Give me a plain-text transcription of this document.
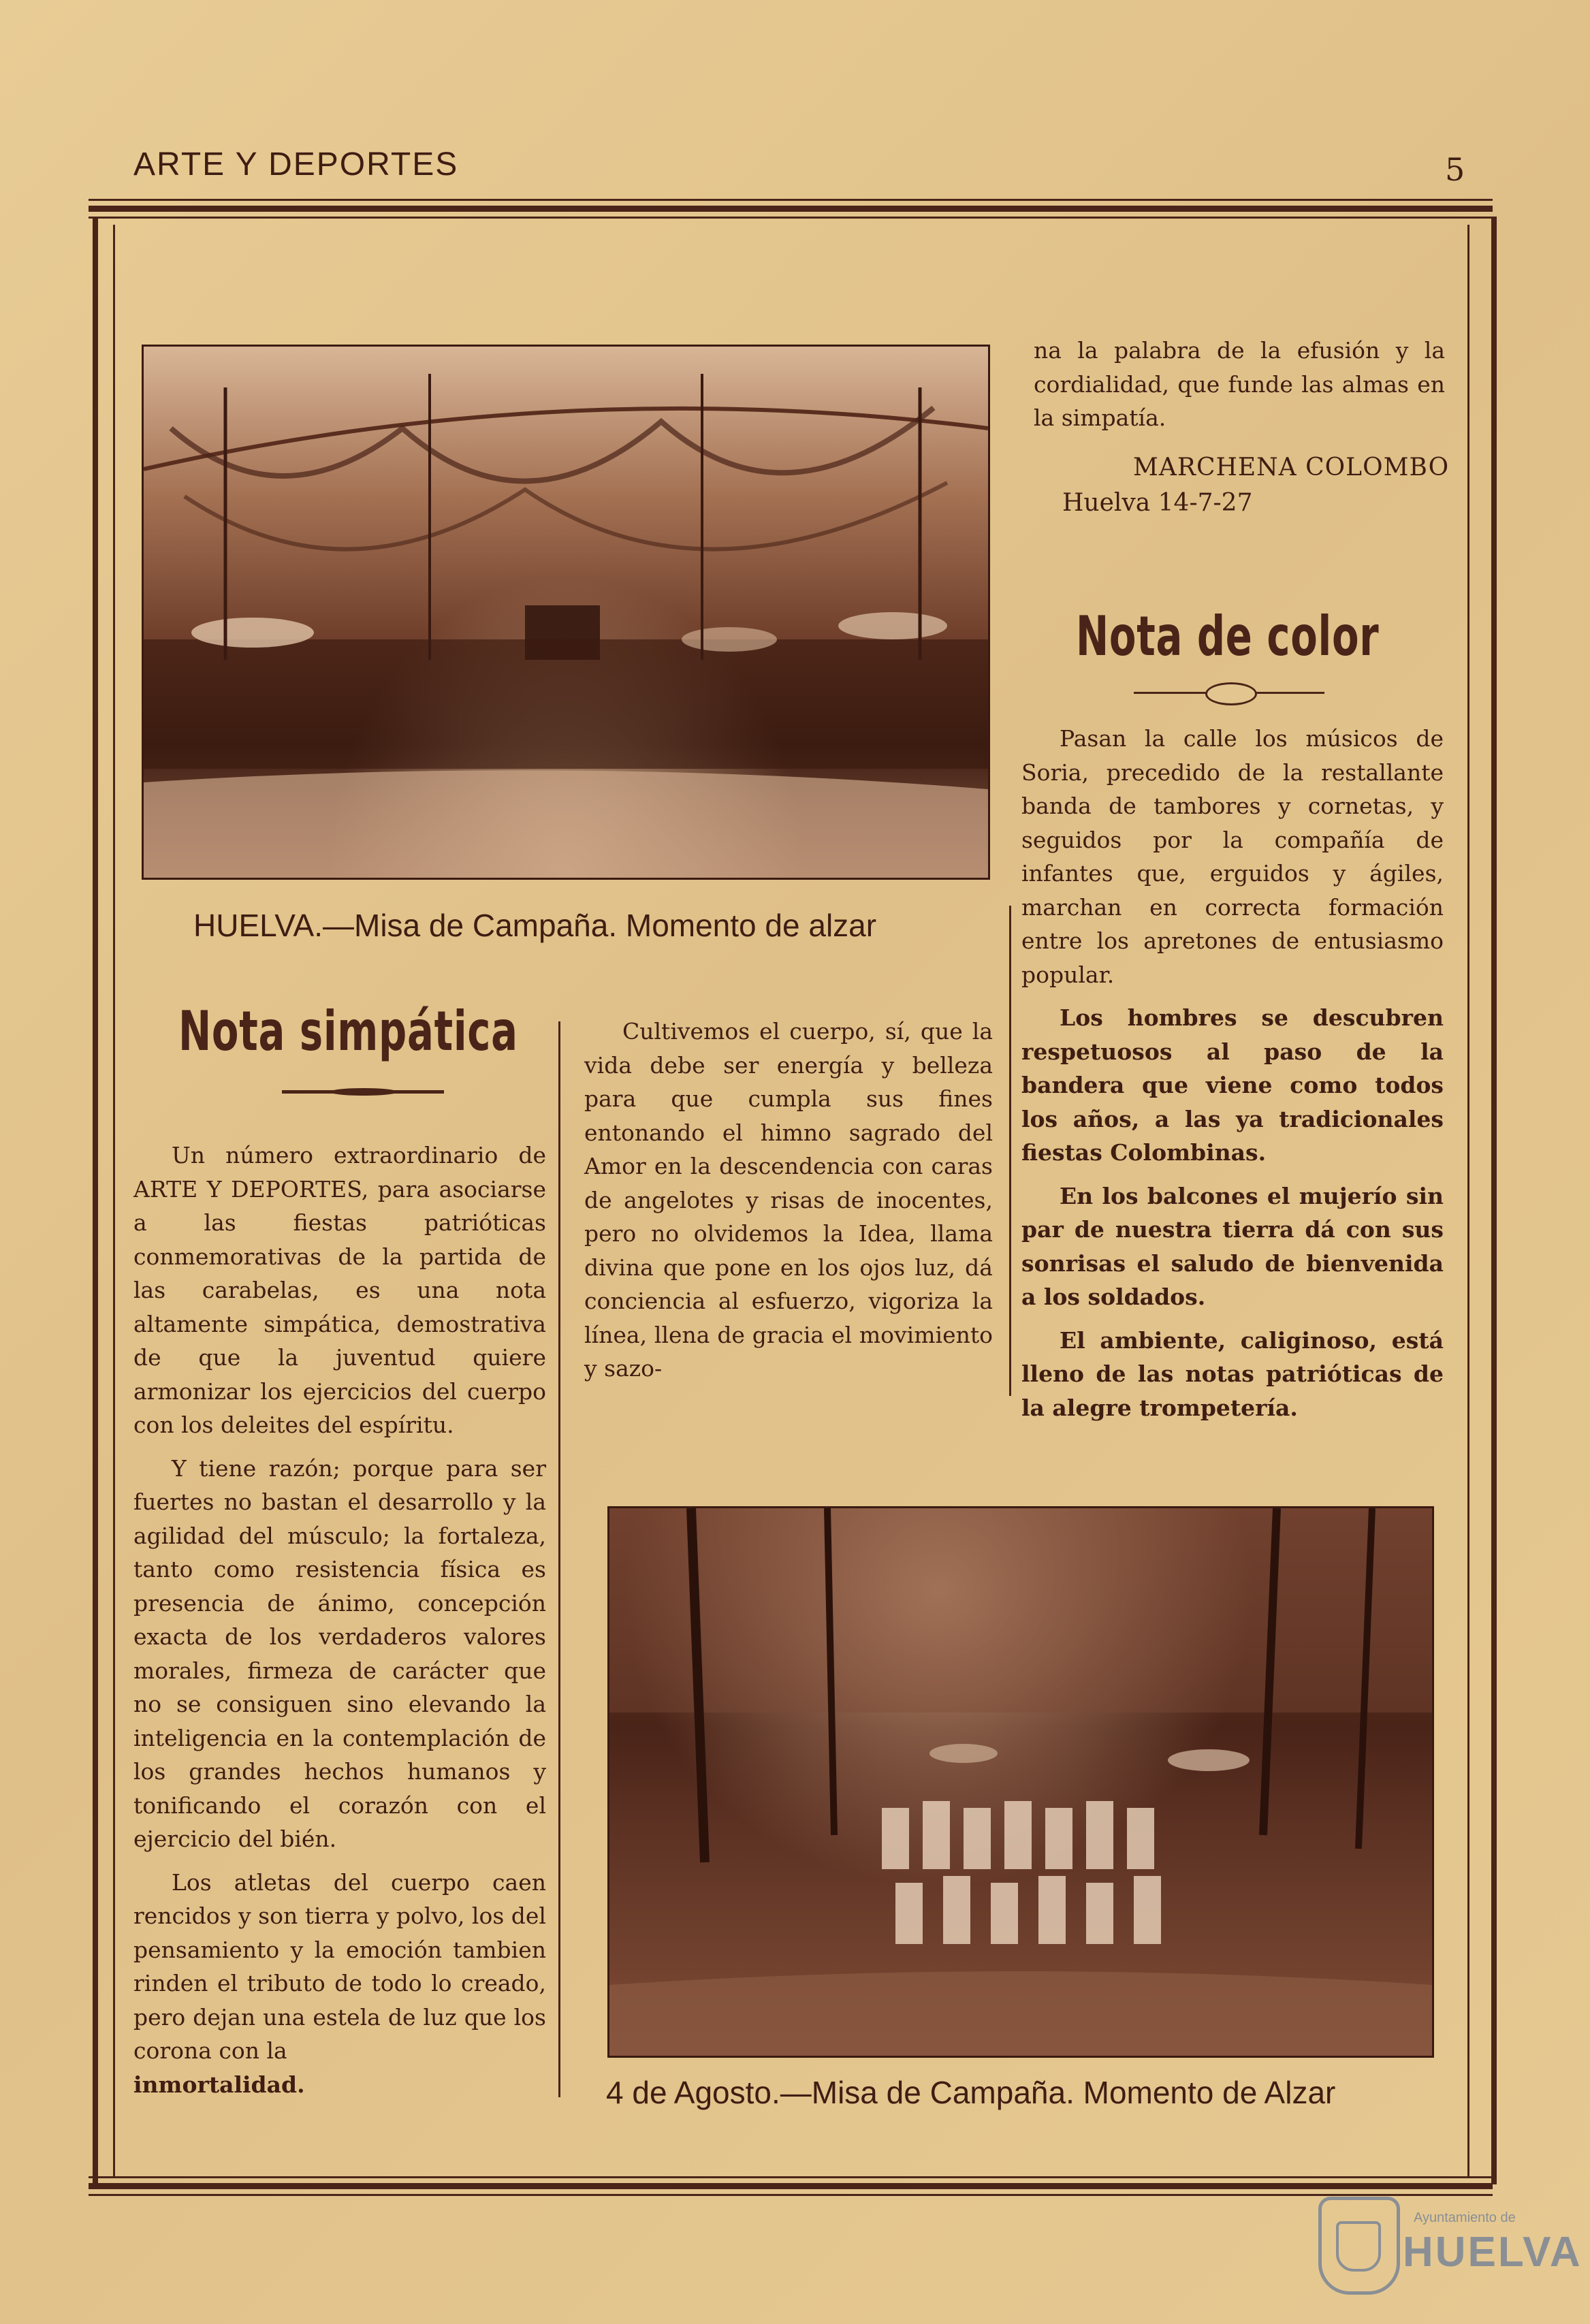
ARTE Y DEPORTES	5
HUELVA.—Misa de Campaña. Momento de alzar

na la palabra de la efusión y la cordialidad, que funde las almas en la simpatía.

MARCHENA COLOMBO
Huelva 14-7-27
Nota de color

Pasan la calle los músicos de Soria, precedido de la restallante banda de tambores y cornetas, y seguidos por la compañía de infantes que, erguidos y ágiles, marchan en correcta formación entre los apretones de entusiasmo popular.

Los hombres se descubren respetuosos al paso de la bandera que viene como todos los años, a las ya tradicionales fiestas Colombinas.

En los balcones el mujerío sin par de nuestra tierra dá con sus sonrisas el saludo de bienvenida a los soldados.

El ambiente, caliginoso, está lleno de las notas patrióticas de la alegre trompetería.

Nota simpática

Un número extraordinario de ARTE Y DEPORTES, para asociarse a las fiestas patrióticas conmemorativas de la partida de las carabelas, es una nota altamente simpática, demostrativa de que la juventud quiere armonizar los ejercicios del cuerpo con los deleites del espíritu.

Y tiene razón; porque para ser fuertes no bastan el desarrollo y la agilidad del músculo; la fortaleza, tanto como resistencia física es presencia de ánimo, concepción exacta de los verdaderos valores morales, firmeza de carácter que no se consiguen sino elevando la inteligencia en la contemplación de los grandes hechos humanos y tonificando el corazón con el ejercicio del bién.

Los atletas del cuerpo caen rencidos y son tierra y polvo, los del pensamiento y la emoción tambien rinden el tributo de todo lo creado, pero dejan una estela de luz que los corona con la

inmortalidad.

Cultivemos el cuerpo, sí, que la vida debe ser energía y belleza para que cumpla sus fines entonando el himno sagrado del Amor en la descendencia con caras de angelotes y risas de inocentes, pero no olvidemos la Idea, llama divina que pone en los ojos luz, dá conciencia al esfuerzo, vigoriza la línea, llena de gracia el movimiento y sazo-

4 de Agosto.—Misa de Campaña. Momento de Alzar
Ayuntamiento de
HUELVA
